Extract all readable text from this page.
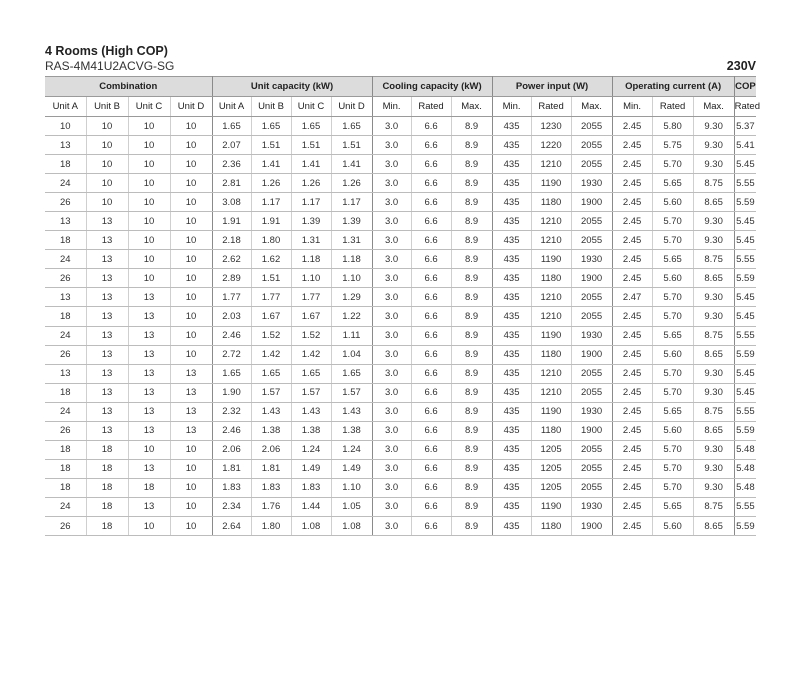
4 Rooms (High COP)
RAS-4M41U2ACVG-SG	230V
Combination				Unit capacity (kW)				Cooling capacity (kW)			Power input (W)			Operating current (A)			COP
Unit A	Unit B	Unit C	Unit D	Unit A	Unit B	Unit C	Unit D	Min.	Rated	Max.	Min.	Rated	Max.	Min.	Rated	Max.	Rated
10	10	10	10	1.65	1.65	1.65	1.65	3.0	6.6	8.9	435	1230	2055	2.45	5.80	9.30	5.37
13	10	10	10	2.07	1.51	1.51	1.51	3.0	6.6	8.9	435	1220	2055	2.45	5.75	9.30	5.41
18	10	10	10	2.36	1.41	1.41	1.41	3.0	6.6	8.9	435	1210	2055	2.45	5.70	9.30	5.45
24	10	10	10	2.81	1.26	1.26	1.26	3.0	6.6	8.9	435	1190	1930	2.45	5.65	8.75	5.55
26	10	10	10	3.08	1.17	1.17	1.17	3.0	6.6	8.9	435	1180	1900	2.45	5.60	8.65	5.59
13	13	10	10	1.91	1.91	1.39	1.39	3.0	6.6	8.9	435	1210	2055	2.45	5.70	9.30	5.45
18	13	10	10	2.18	1.80	1.31	1.31	3.0	6.6	8.9	435	1210	2055	2.45	5.70	9.30	5.45
24	13	10	10	2.62	1.62	1.18	1.18	3.0	6.6	8.9	435	1190	1930	2.45	5.65	8.75	5.55
26	13	10	10	2.89	1.51	1.10	1.10	3.0	6.6	8.9	435	1180	1900	2.45	5.60	8.65	5.59
13	13	13	10	1.77	1.77	1.77	1.29	3.0	6.6	8.9	435	1210	2055	2.47	5.70	9.30	5.45
18	13	13	10	2.03	1.67	1.67	1.22	3.0	6.6	8.9	435	1210	2055	2.45	5.70	9.30	5.45
24	13	13	10	2.46	1.52	1.52	1.11	3.0	6.6	8.9	435	1190	1930	2.45	5.65	8.75	5.55
26	13	13	10	2.72	1.42	1.42	1.04	3.0	6.6	8.9	435	1180	1900	2.45	5.60	8.65	5.59
13	13	13	13	1.65	1.65	1.65	1.65	3.0	6.6	8.9	435	1210	2055	2.45	5.70	9.30	5.45
18	13	13	13	1.90	1.57	1.57	1.57	3.0	6.6	8.9	435	1210	2055	2.45	5.70	9.30	5.45
24	13	13	13	2.32	1.43	1.43	1.43	3.0	6.6	8.9	435	1190	1930	2.45	5.65	8.75	5.55
26	13	13	13	2.46	1.38	1.38	1.38	3.0	6.6	8.9	435	1180	1900	2.45	5.60	8.65	5.59
18	18	10	10	2.06	2.06	1.24	1.24	3.0	6.6	8.9	435	1205	2055	2.45	5.70	9.30	5.48
18	18	13	10	1.81	1.81	1.49	1.49	3.0	6.6	8.9	435	1205	2055	2.45	5.70	9.30	5.48
18	18	18	10	1.83	1.83	1.83	1.10	3.0	6.6	8.9	435	1205	2055	2.45	5.70	9.30	5.48
24	18	13	10	2.34	1.76	1.44	1.05	3.0	6.6	8.9	435	1190	1930	2.45	5.65	8.75	5.55
26	18	10	10	2.64	1.80	1.08	1.08	3.0	6.6	8.9	435	1180	1900	2.45	5.60	8.65	5.59
